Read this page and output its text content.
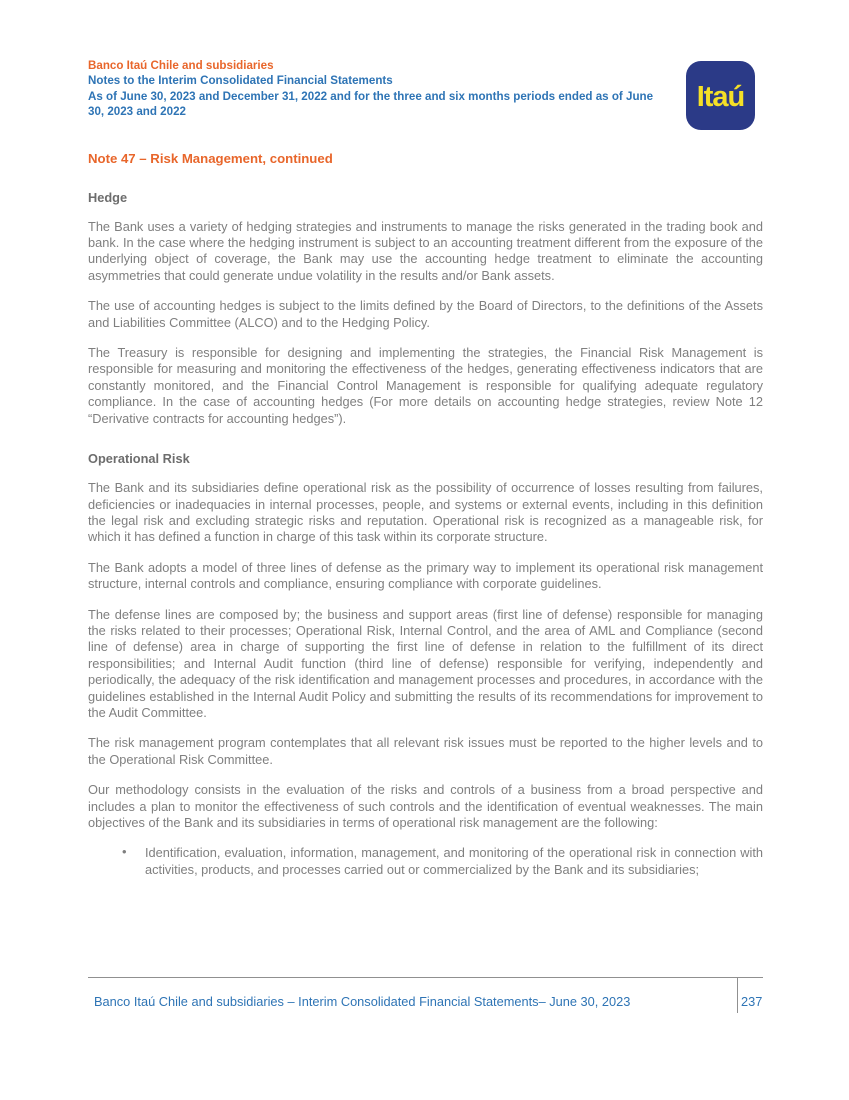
Banco Itaú Chile and subsidiaries
Notes to the Interim Consolidated Financial Statements
As of June 30, 2023 and December 31, 2022 and for the three and six months periods ended as of June 30, 2023 and 2022	Itaú
Note 47 – Risk Management, continued
Hedge

The Bank uses a variety of hedging strategies and instruments to manage the risks generated in the trading book and bank. In the case where the hedging instrument is subject to an accounting treatment different from the exposure of the underlying object of coverage, the Bank may use the accounting hedge treatment to eliminate the accounting asymmetries that could generate undue volatility in the results and/or Bank assets.

The use of accounting hedges is subject to the limits defined by the Board of Directors, to the definitions of the Assets and Liabilities Committee (ALCO) and to the Hedging Policy.

The Treasury is responsible for designing and implementing the strategies, the Financial Risk Management is responsible for measuring and monitoring the effectiveness of the hedges, generating effectiveness indicators that are constantly monitored, and the Financial Control Management is responsible for qualifying adequate regulatory compliance. In the case of accounting hedges (For more details on accounting hedge strategies, review Note 12 “Derivative contracts for accounting hedges”).

Operational Risk

The Bank and its subsidiaries define operational risk as the possibility of occurrence of losses resulting from failures, deficiencies or inadequacies in internal processes, people, and systems or external events, including in this definition the legal risk and excluding strategic risks and reputation. Operational risk is recognized as a manageable risk, for which it has defined a function in charge of this task within its corporate structure.

The Bank adopts a model of three lines of defense as the primary way to implement its operational risk management structure, internal controls and compliance, ensuring compliance with corporate guidelines.

The defense lines are composed by; the business and support areas (first line of defense) responsible for managing the risks related to their processes; Operational Risk, Internal Control, and the area of AML and Compliance (second line of defense) area in charge of supporting the first line of defense in relation to the fulfillment of its direct responsibilities; and Internal Audit function (third line of defense) responsible for verifying, independently and periodically, the adequacy of the risk identification and management processes and procedures, in accordance with the guidelines established in the Internal Audit Policy and submitting the results of its recommendations for improvement to the Audit Committee.

The risk management program contemplates that all relevant risk issues must be reported to the higher levels and to the Operational Risk Committee.

Our methodology consists in the evaluation of the risks and controls of a business from a broad perspective and includes a plan to monitor the effectiveness of such controls and the identification of eventual weaknesses. The main objectives of the Bank and its subsidiaries in terms of operational risk management are the following:

• Identification, evaluation, information, management, and monitoring of the operational risk in connection with activities, products, and processes carried out or commercialized by the Bank and its subsidiaries;
Banco Itaú Chile and subsidiaries – Interim Consolidated Financial Statements– June 30, 2023	237
